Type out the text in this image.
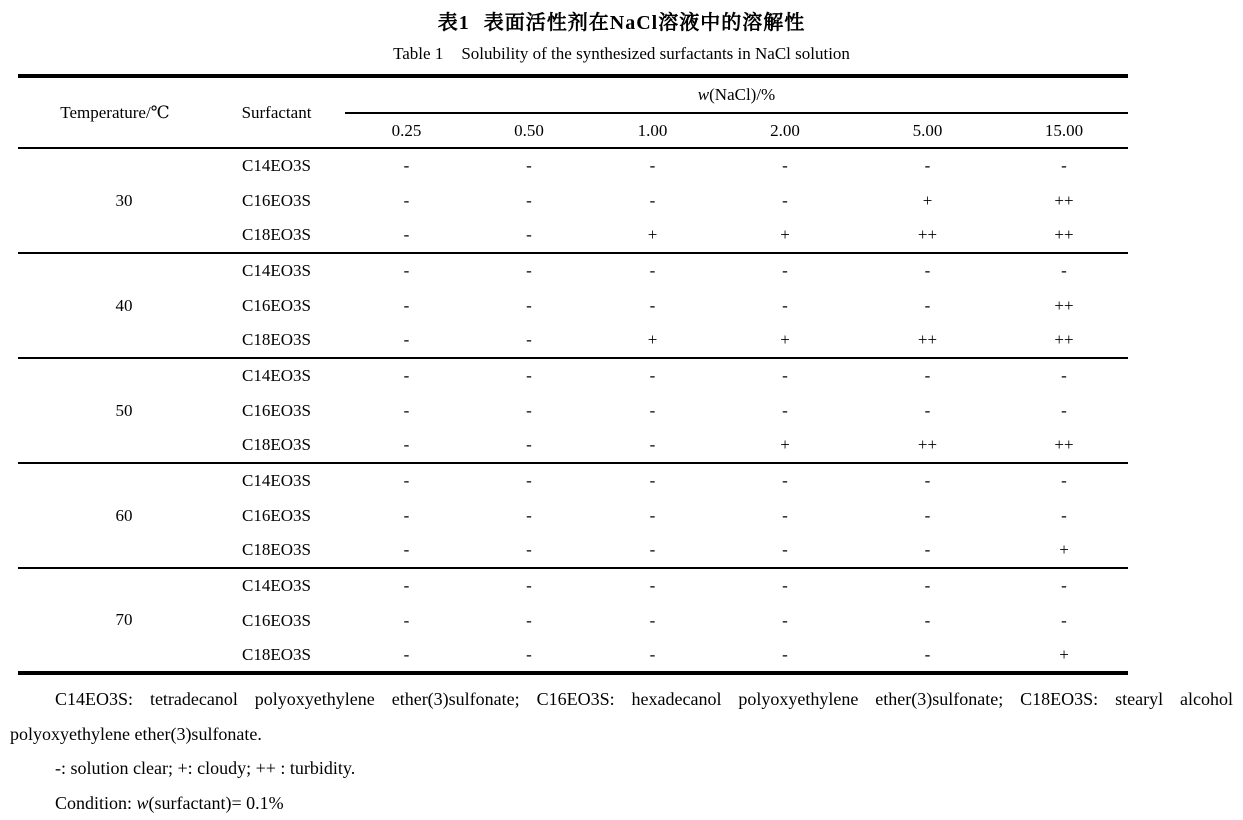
表1 表面活性剂在NaCl溶液中的溶解性
Table 1 Solubility of the synthesized surfactants in NaCl solution
Temperature/℃	Surfactant	w(NaCl)/%					
		0.25	0.50	1.00	2.00	5.00	15.00
30	C14EO3S	-	-	-	-	-	-
	C16EO3S	-	-	-	-	+	++
	C18EO3S	-	-	+	+	++	++
40	C14EO3S	-	-	-	-	-	-
	C16EO3S	-	-	-	-	-	++
	C18EO3S	-	-	+	+	++	++
50	C14EO3S	-	-	-	-	-	-
	C16EO3S	-	-	-	-	-	-
	C18EO3S	-	-	-	+	++	++
60	C14EO3S	-	-	-	-	-	-
	C16EO3S	-	-	-	-	-	-
	C18EO3S	-	-	-	-	-	+
70	C14EO3S	-	-	-	-	-	-
	C16EO3S	-	-	-	-	-	-
	C18EO3S	-	-	-	-	-	+

C14EO3S: tetradecanol polyoxyethylene ether(3)sulfonate; C16EO3S: hexadecanol polyoxyethylene ether(3)sulfonate; C18EO3S: stearyl alcohol polyoxyethylene ether(3)sulfonate.

-: solution clear; +: cloudy; ++ : turbidity.

Condition: w(surfactant)= 0.1%
